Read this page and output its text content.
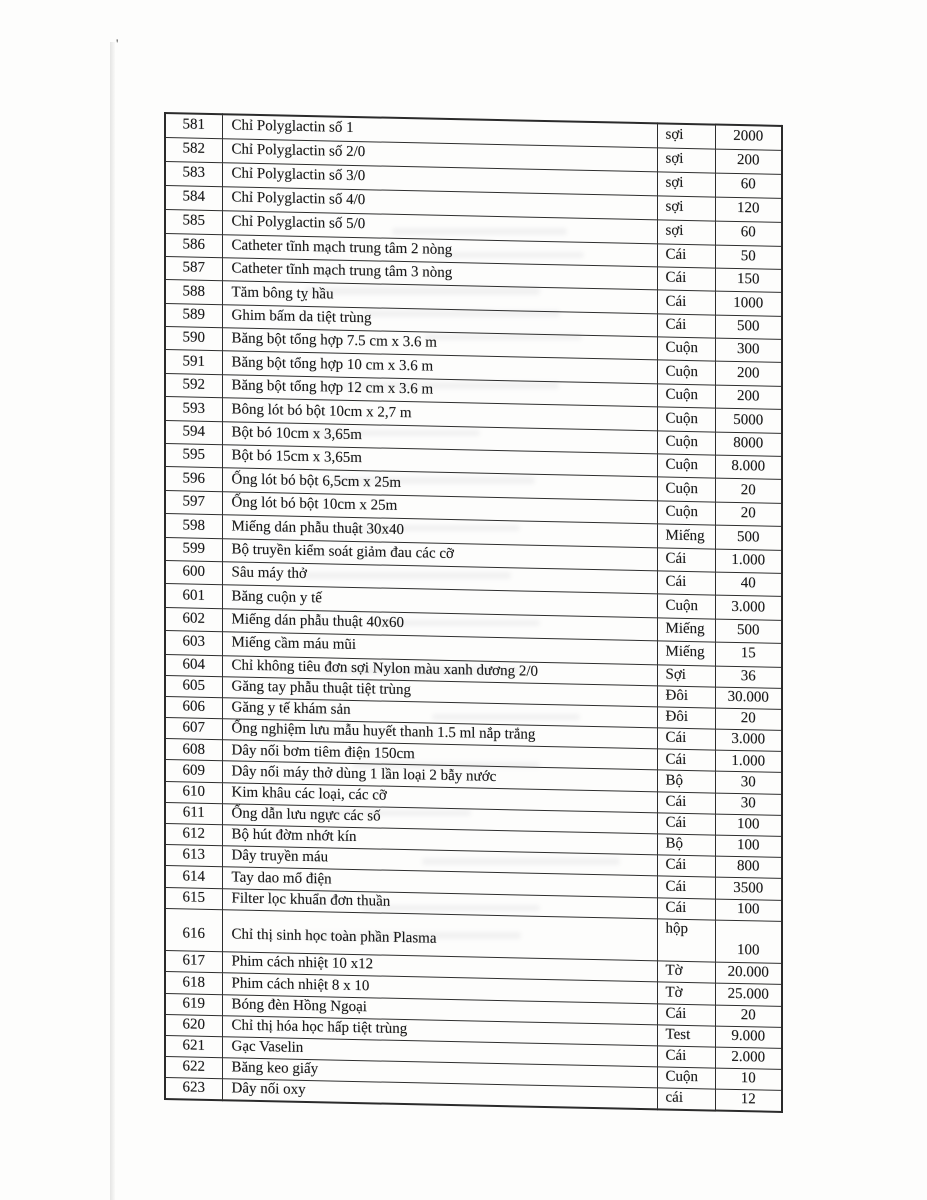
'
581	Chỉ Polyglactin số 1	sợi	2000
582	Chỉ Polyglactin số 2/0	sợi	200
583	Chỉ Polyglactin số 3/0	sợi	60
584	Chỉ Polyglactin số 4/0	sợi	120
585	Chỉ Polyglactin số 5/0	sợi	60
586	Catheter tĩnh mạch trung tâm 2 nòng	Cái	50
587	Catheter tĩnh mạch trung tâm 3 nòng	Cái	150
588	Tăm bông tỵ hầu	Cái	1000
589	Ghim bấm da tiệt trùng	Cái	500
590	Băng bột tổng hợp 7.5 cm x 3.6 m	Cuộn	300
591	Băng bột tổng hợp 10 cm x 3.6 m	Cuộn	200
592	Băng bột tổng hợp 12 cm x 3.6 m	Cuộn	200
593	Bông lót bó bột 10cm x 2,7 m	Cuộn	5000
594	Bột bó 10cm x 3,65m	Cuộn	8000
595	Bột bó 15cm x 3,65m	Cuộn	8.000
596	Ống lót bó bột 6,5cm x 25m	Cuộn	20
597	Ống lót bó bột 10cm x 25m	Cuộn	20
598	Miếng dán phẫu thuật 30x40	Miếng	500
599	Bộ truyền kiểm soát giảm đau các cỡ	Cái	1.000
600	Sâu máy thở	Cái	40
601	Băng cuộn y tế	Cuộn	3.000
602	Miếng dán phẫu thuật 40x60	Miếng	500
603	Miếng cầm máu mũi	Miếng	15
604	Chỉ không tiêu đơn sợi Nylon màu xanh dương 2/0	Sợi	36
605	Găng tay phẫu thuật tiệt trùng	Đôi	30.000
606	Găng y tế khám sản	Đôi	20
607	Ống nghiệm lưu mẫu huyết thanh 1.5 ml nắp trắng	Cái	3.000
608	Dây nối bơm tiêm điện 150cm	Cái	1.000
609	Dây nối máy thở dùng 1 lần loại 2 bẫy nước	Bộ	30
610	Kim khâu các loại, các cỡ	Cái	30
611	Ống dẫn lưu ngực các số	Cái	100
612	Bộ hút đờm nhớt kín	Bộ	100
613	Dây truyền máu	Cái	800
614	Tay dao mổ điện	Cái	3500
615	Filter lọc khuẩn đơn thuần	Cái	100
616	Chỉ thị sinh học toàn phần Plasma	hộp	100
617	Phim cách nhiệt 10 x12	Tờ	20.000
618	Phim cách nhiệt 8 x 10	Tờ	25.000
619	Bóng đèn Hồng Ngoại	Cái	20
620	Chỉ thị hóa học hấp tiệt trùng	Test	9.000
621	Gạc Vaselin	Cái	2.000
622	Băng keo giấy	Cuộn	10
623	Dây nối oxy	cái	12
